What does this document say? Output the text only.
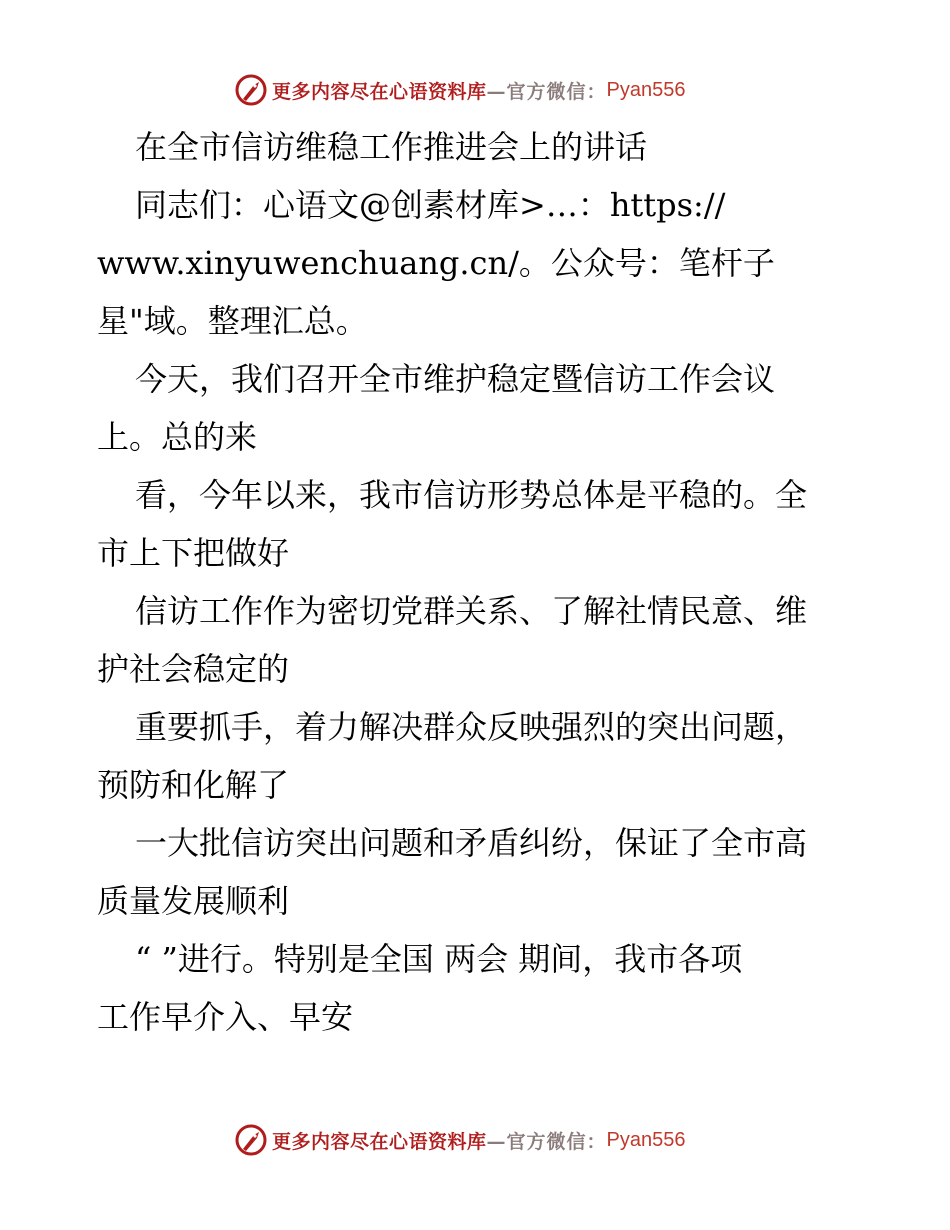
更多内容尽在心语资料库 —官方微信： Pyan556
在全市信访维稳工作推进会上的讲话
同志们：心语文@创素材库>…：https://
www.xinyuwenchuang.cn/。公众号：笔杆子
星"域。整理汇总。
今天，我们召开全市维护稳定暨信访工作会议
上。总的来
看，今年以来，我市信访形势总体是平稳的。全
市上下把做好
信访工作作为密切党群关系、了解社情民意、维
护社会稳定的
重要抓手，着力解决群众反映强烈的突出问题，
预防和化解了
一大批信访突出问题和矛盾纠纷，保证了全市高
质量发展顺利
“ ”进行。特别是全国 两会 期间，我市各项
工作早介入、早安
更多内容尽在心语资料库 —官方微信： Pyan556
